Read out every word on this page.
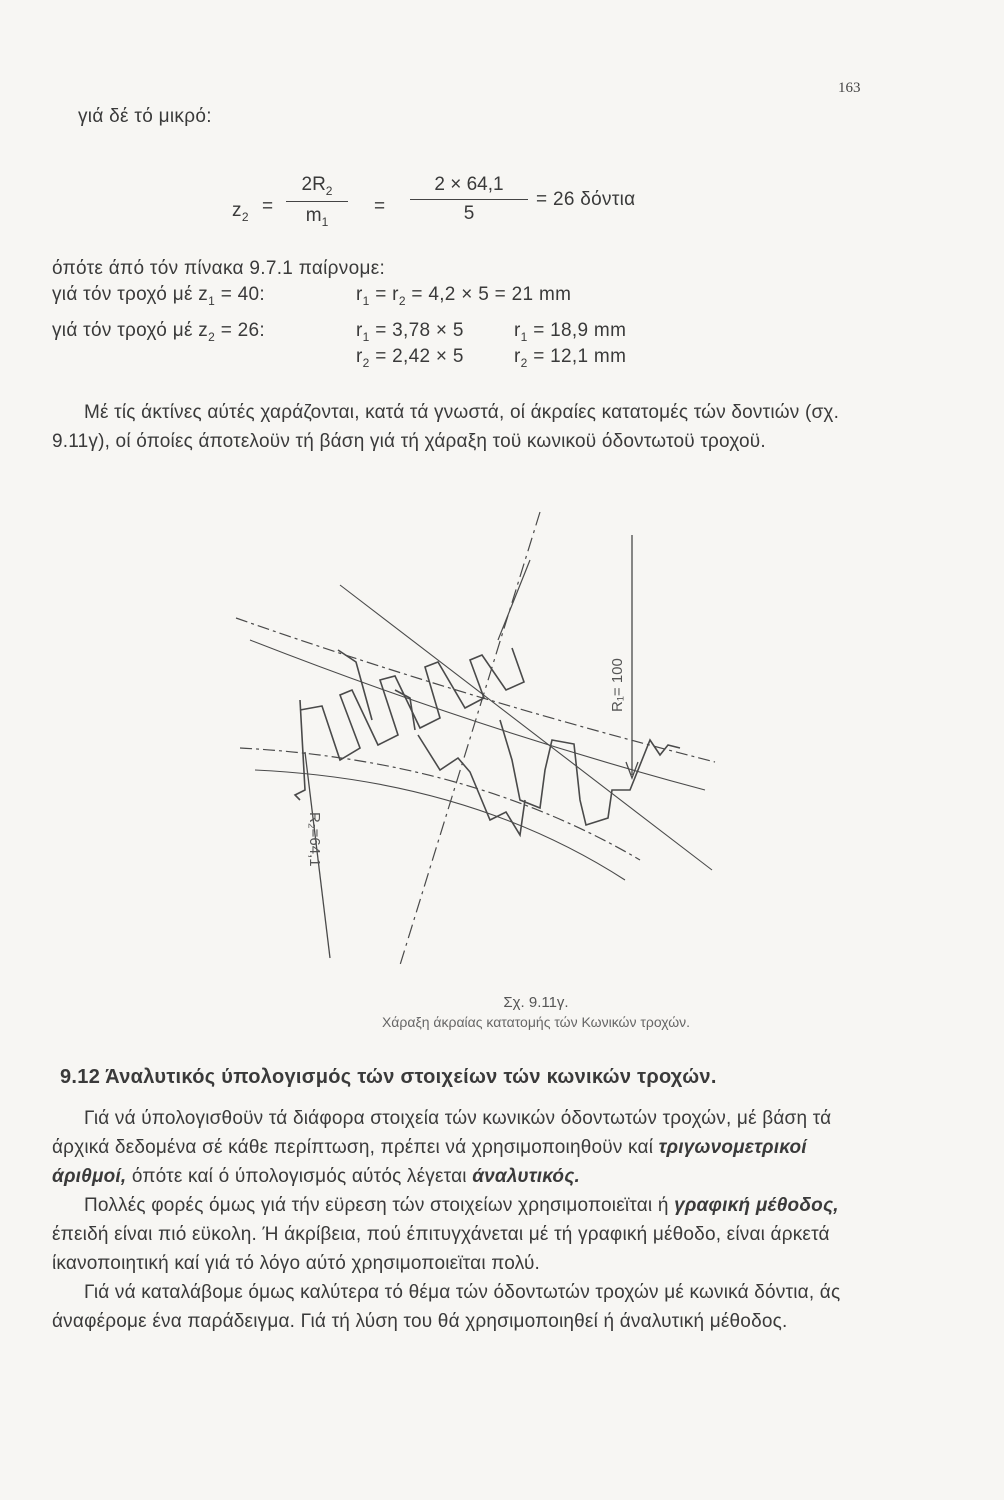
163
γιά δέ τό μικρό:
$z_2$ =
$2R_2$
$m_1$
=
2 × 64,1
5
= 26 δόντια
όπότε άπό τόν πίνακα 9.7.1 παίρνομε:
γιά τόν τροχό μέ $z_1 = 40$:	$r_1 = r_2 = 4,2 \times 5 = 21$ mm
γιά τόν τροχό μέ $z_2 = 26$:	$r_1 = 3,78 \times 5$	$r_1 = 18,9$ mm
$r_2 = 2,42 \times 5$	$r_2 = 12,1$ mm

Μέ τίς άκτίνες αύτές χαράζονται, κατά τά γνωστά, οί άκραίες κατατομές τών δοντιών (σχ. 9.11γ), οί όποίες άποτελοϋν τή βάση γιά τή χάραξη τοϋ κωνικοϋ όδοντωτοϋ τροχοϋ.

R₁= 100
R₂=64,1
Σχ. 9.11γ.
Χάραξη άκραίας κατατομής τών Κωνικών τροχών.
9.12 Άναλυτικός ύπολογισμός τών στοιχείων τών κωνικών τροχών.

Γιά νά ύπολογισθοϋν τά διάφορα στοιχεία τών κωνικών όδοντωτών τροχών, μέ βάση τά άρχικά δεδομένα σέ κάθε περίπτωση, πρέπει νά χρησιμοποιηθοϋν καί τριγωνομετρικοί άριθμοί, όπότε καί ό ύπολογισμός αύτός λέγεται άναλυτικός.

Πολλές φορές όμως γιά τήν εϋρεση τών στοιχείων χρησιμοποιεϊται ή γραφική μέθοδος, έπειδή είναι πιό εϋκολη. Ή άκρίβεια, πού έπιτυγχάνεται μέ τή γραφική μέθοδο, είναι άρκετά ίκανοποιητική καί γιά τό λόγο αύτό χρησιμοποιεϊται πολύ.

Γιά νά καταλάβομε όμως καλύτερα τό θέμα τών όδοντωτών τροχών μέ κωνικά δόντια, άς άναφέρομε ένα παράδειγμα. Γιά τή λύση του θά χρησιμοποιηθεί ή άναλυτική μέθοδος.
